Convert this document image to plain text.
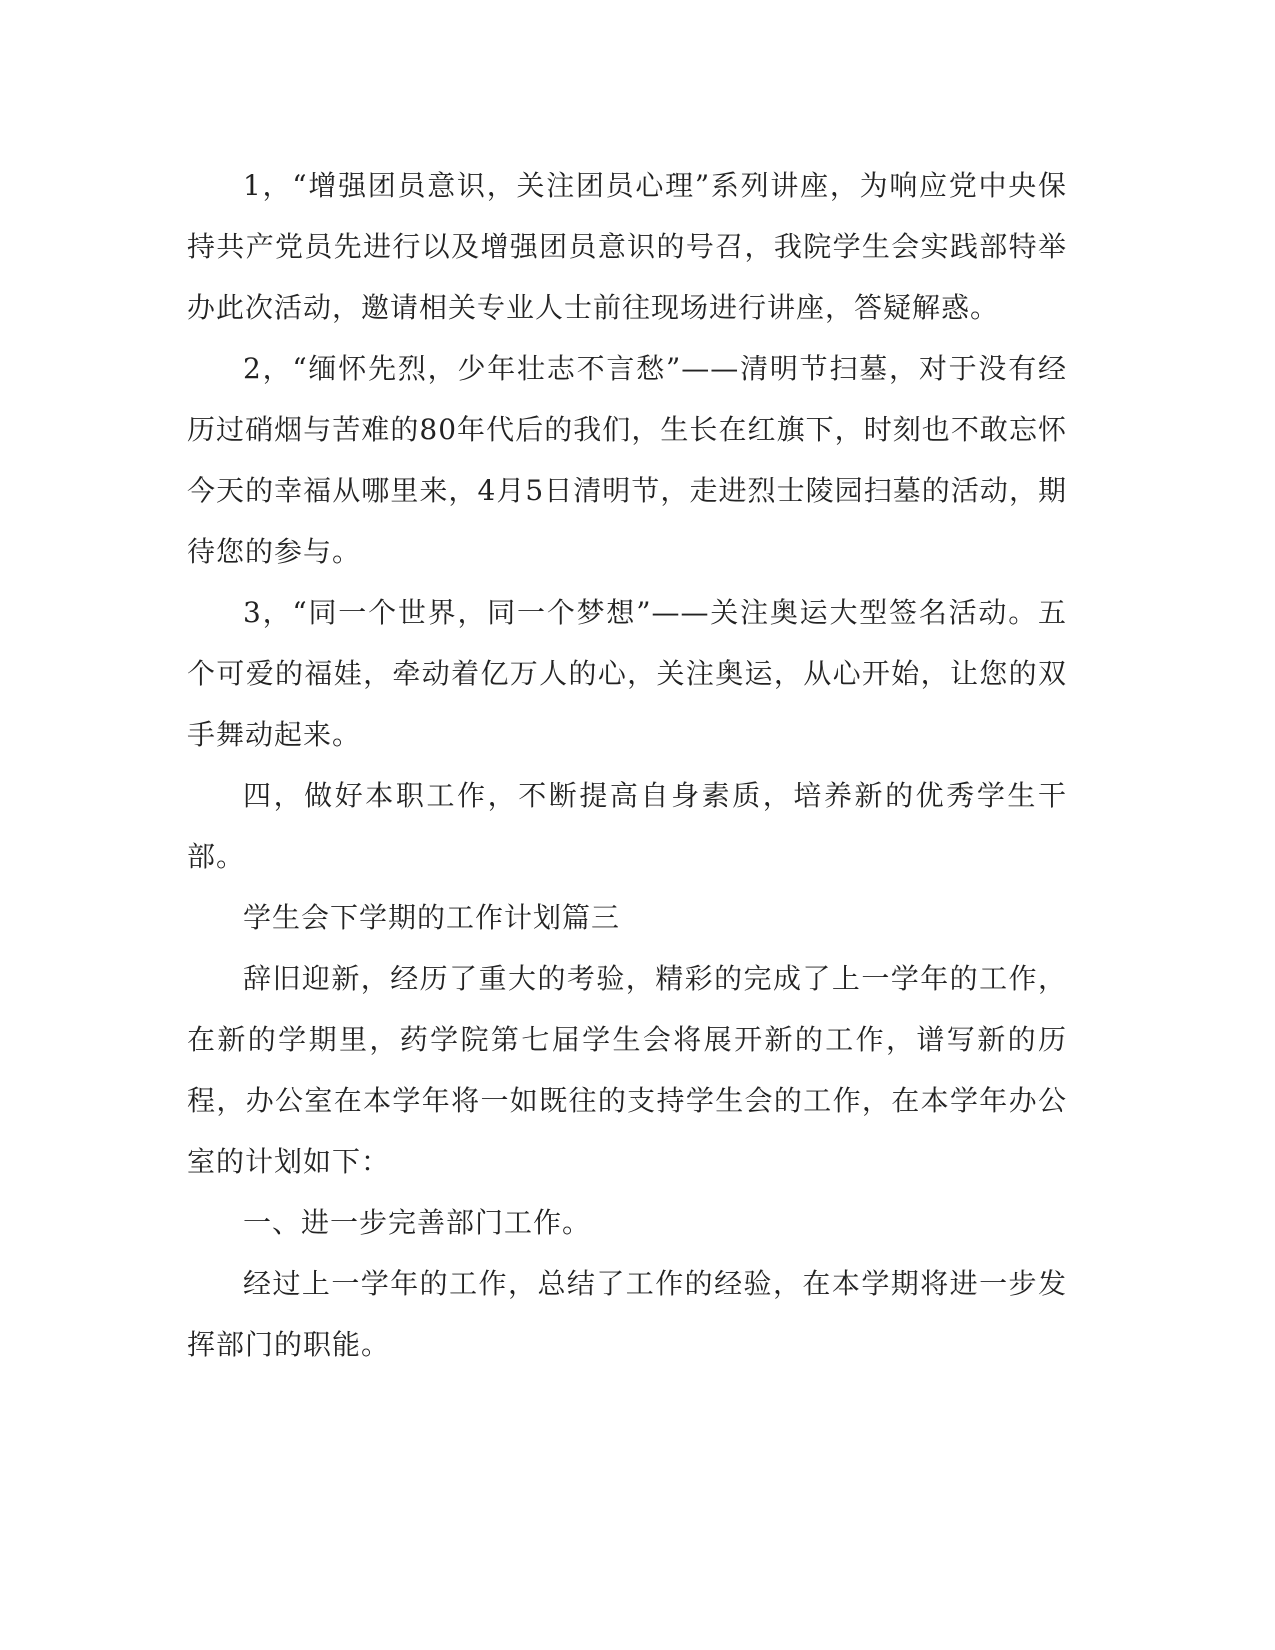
1，“增强团员意识，关注团员心理”系列讲座，为响应党中央保持共产党员先进行以及增强团员意识的号召，我院学生会实践部特举办此次活动，邀请相关专业人士前往现场进行讲座，答疑解惑。

2，“缅怀先烈，少年壮志不言愁”——清明节扫墓，对于没有经历过硝烟与苦难的80年代后的我们，生长在红旗下，时刻也不敢忘怀今天的幸福从哪里来，4月5日清明节，走进烈士陵园扫墓的活动，期待您的参与。

3，“同一个世界，同一个梦想”——关注奥运大型签名活动。五个可爱的福娃，牵动着亿万人的心，关注奥运，从心开始，让您的双手舞动起来。

四，做好本职工作，不断提高自身素质，培养新的优秀学生干部。

学生会下学期的工作计划篇三

辞旧迎新，经历了重大的考验，精彩的完成了上一学年的工作，在新的学期里，药学院第七届学生会将展开新的工作，谱写新的历程，办公室在本学年将一如既往的支持学生会的工作，在本学年办公室的计划如下：

一、进一步完善部门工作。

经过上一学年的工作，总结了工作的经验，在本学期将进一步发挥部门的职能。
